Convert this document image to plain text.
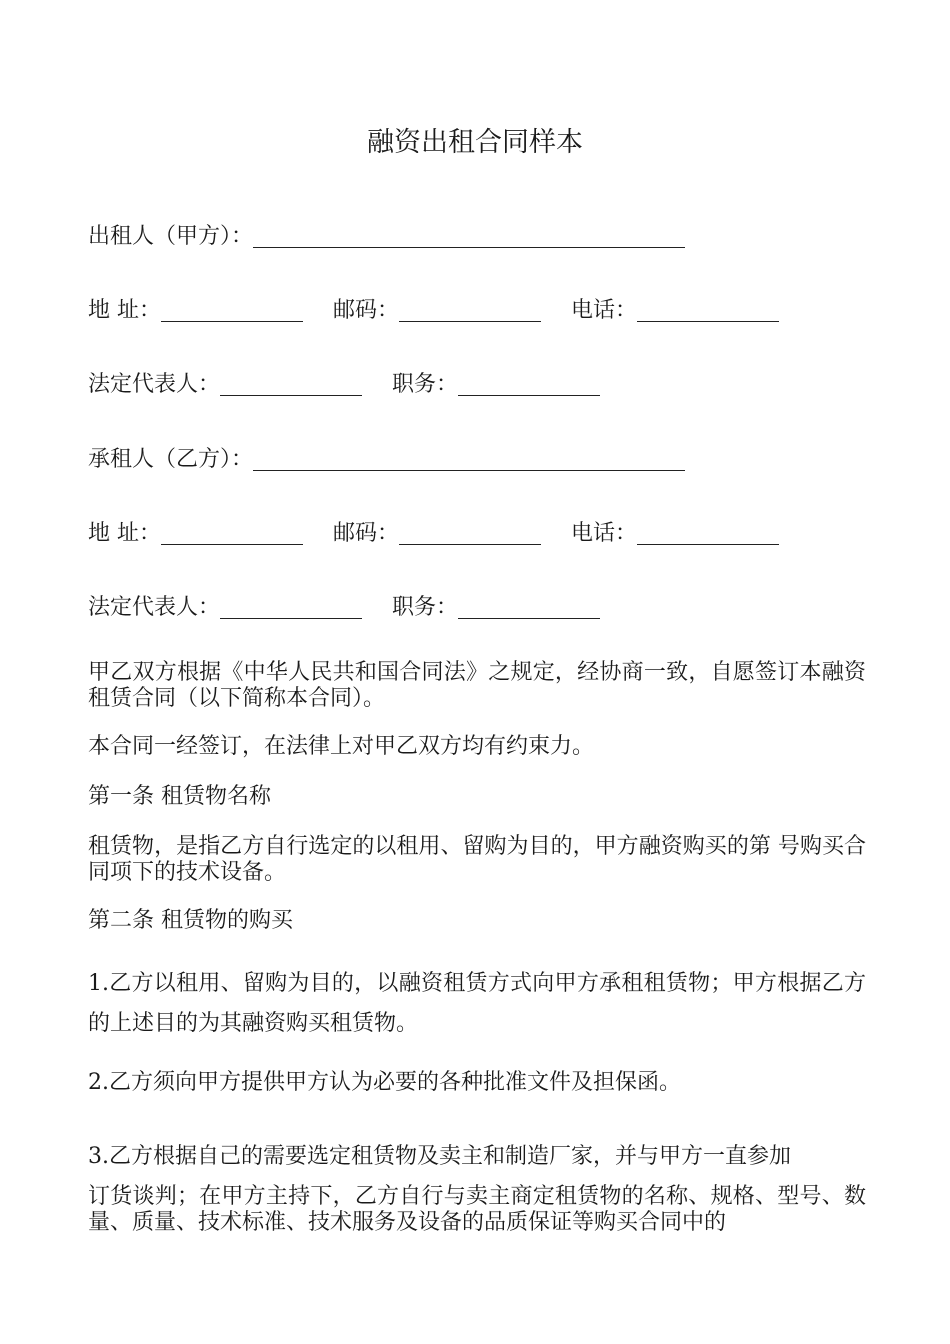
融资出租合同样本
出租人（甲方）：
地 址：	邮码：	电话：
法定代表人：	职务：
承租人（乙方）：
地 址：	邮码：	电话：
法定代表人：	职务：
甲乙双方根据《中华人民共和国合同法》之规定，经协商一致，自愿签订本融资租赁合同（以下简称本合同）。
本合同一经签订，在法律上对甲乙双方均有约束力。
第一条 租赁物名称
租赁物，是指乙方自行选定的以租用、留购为目的，甲方融资购买的第 号购买合同项下的技术设备。
第二条 租赁物的购买
1.乙方以租用、留购为目的，以融资租赁方式向甲方承租租赁物；甲方根据乙方的上述目的为其融资购买租赁物。
2.乙方须向甲方提供甲方认为必要的各种批准文件及担保函。
3.乙方根据自己的需要选定租赁物及卖主和制造厂家，并与甲方一直参加
订货谈判；在甲方主持下，乙方自行与卖主商定租赁物的名称、规格、型号、数量、质量、技术标准、技术服务及设备的品质保证等购买合同中的
